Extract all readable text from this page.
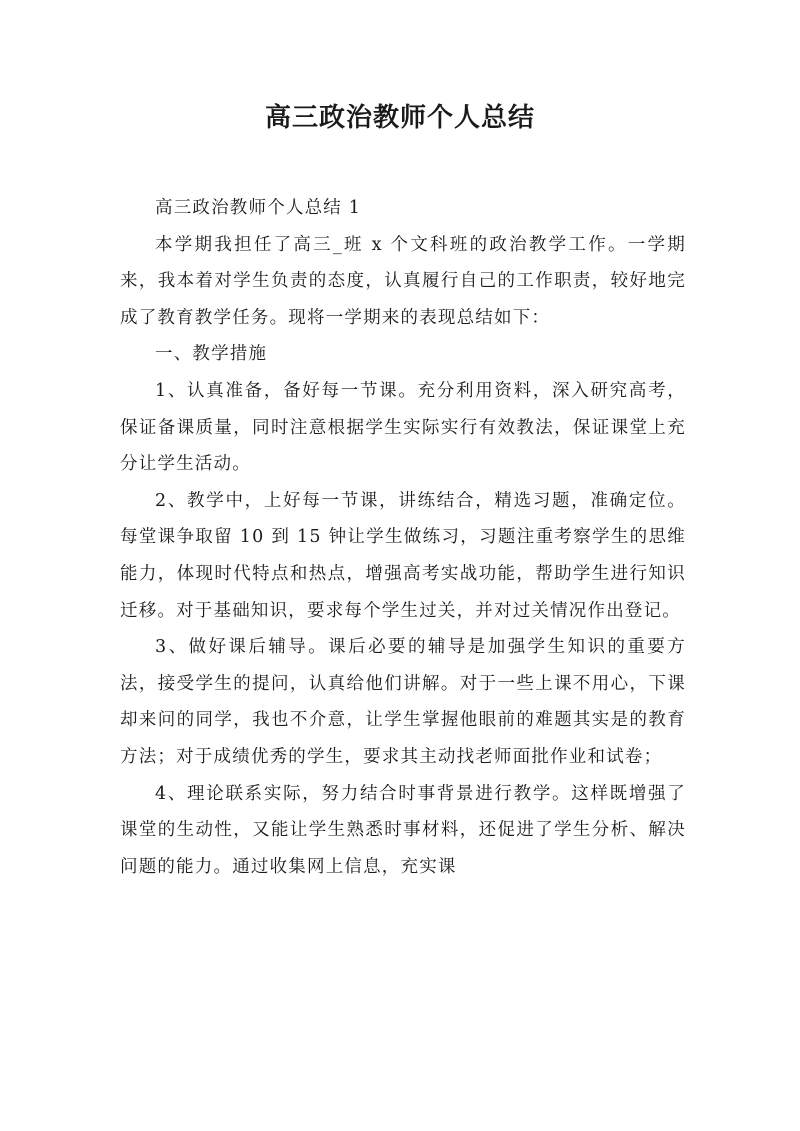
高三政治教师个人总结

高三政治教师个人总结 1

本学期我担任了高三_班 x 个文科班的政治教学工作。一学期来，我本着对学生负责的态度，认真履行自己的工作职责，较好地完成了教育教学任务。现将一学期来的表现总结如下：

一、教学措施

1、认真准备，备好每一节课。充分利用资料，深入研究高考，保证备课质量，同时注意根据学生实际实行有效教法，保证课堂上充分让学生活动。

2、教学中，上好每一节课，讲练结合，精选习题，准确定位。每堂课争取留 10 到 15 钟让学生做练习，习题注重考察学生的思维能力，体现时代特点和热点，增强高考实战功能，帮助学生进行知识迁移。对于基础知识，要求每个学生过关，并对过关情况作出登记。

3、做好课后辅导。课后必要的辅导是加强学生知识的重要方法，接受学生的提问，认真给他们讲解。对于一些上课不用心，下课却来问的同学，我也不介意，让学生掌握他眼前的难题其实是的教育方法；对于成绩优秀的学生，要求其主动找老师面批作业和试卷；

4、理论联系实际，努力结合时事背景进行教学。这样既增强了课堂的生动性，又能让学生熟悉时事材料，还促进了学生分析、解决问题的能力。通过收集网上信息，充实课
